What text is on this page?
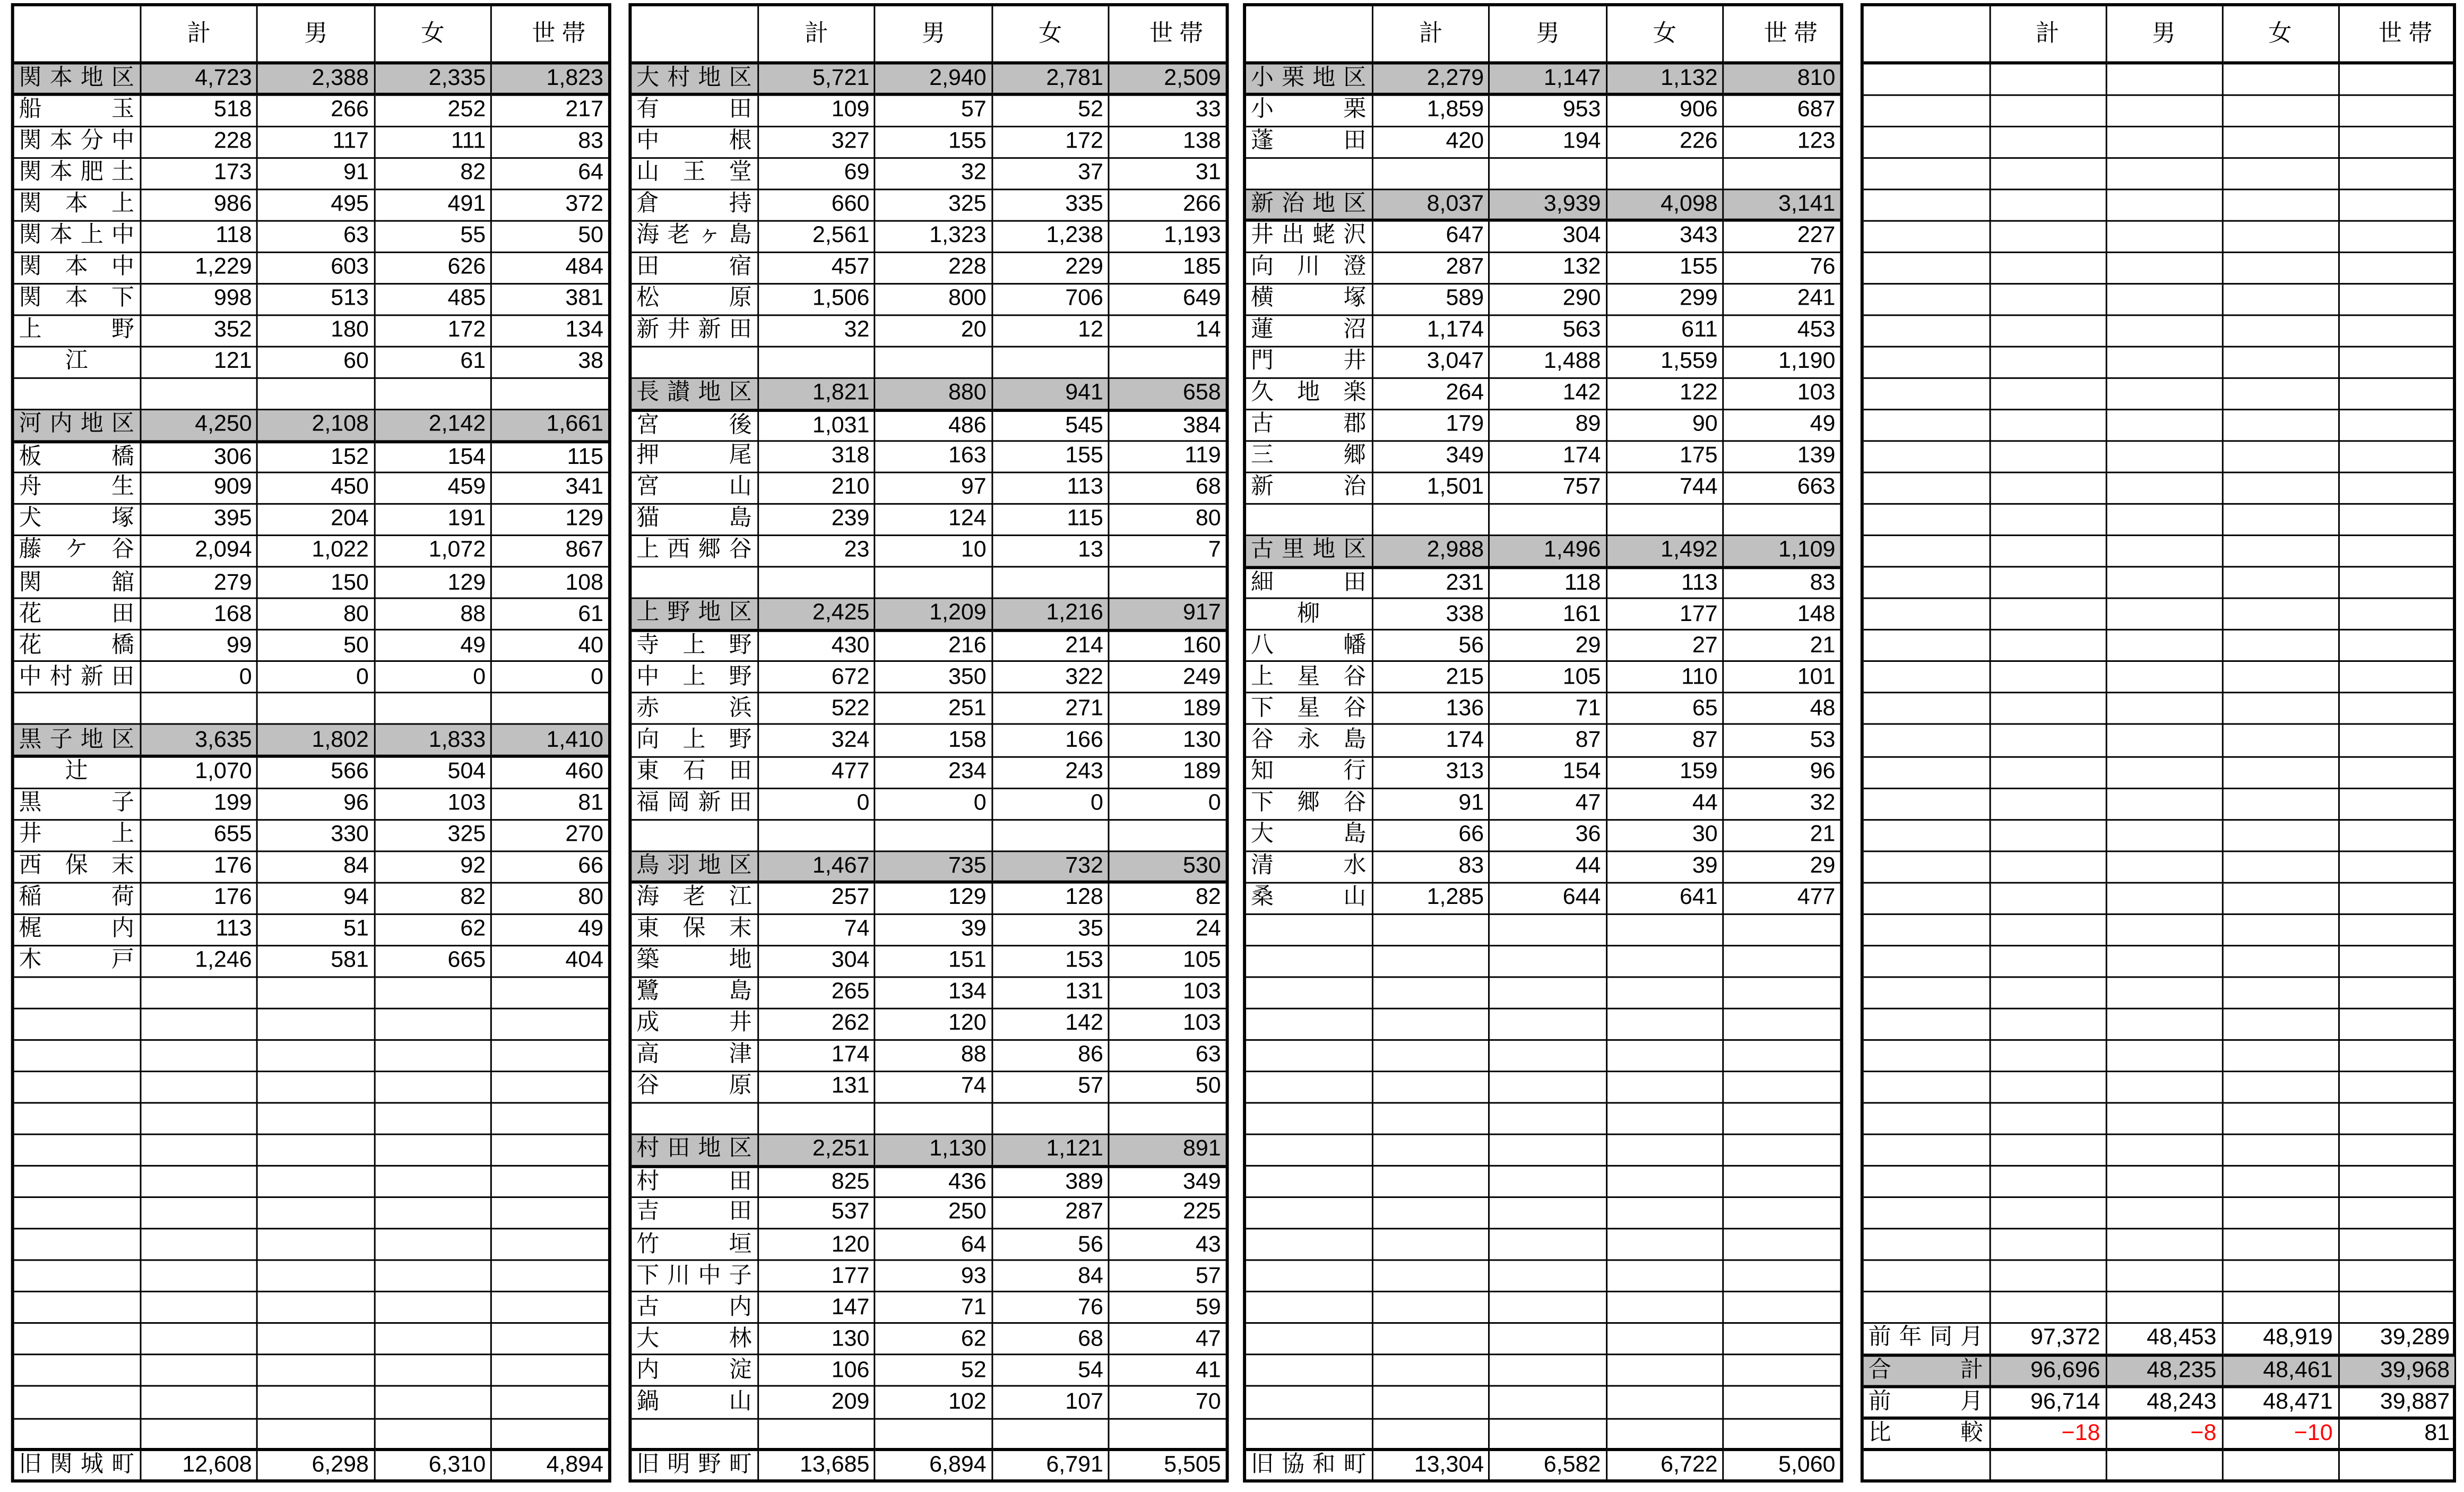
	計	男	女	世 帯
関本地区	4,723	2,388	2,335	1,823
船玉	518	266	252	217
関本分中	228	117	111	83
関本肥土	173	91	82	64
関本上	986	495	491	372
関本上中	118	63	55	50
関本中	1,229	603	626	484
関本下	998	513	485	381
上野	352	180	172	134
江	121	60	61	38

河内地区	4,250	2,108	2,142	1,661
板橋	306	152	154	115
舟生	909	450	459	341
犬塚	395	204	191	129
藤ケ谷	2,094	1,022	1,072	867
関舘	279	150	129	108
花田	168	80	88	61
花橋	99	50	49	40
中村新田	0	0	0	0

黒子地区	3,635	1,802	1,833	1,410
辻	1,070	566	504	460
黒子	199	96	103	81
井上	655	330	325	270
西保末	176	84	92	66
稲荷	176	94	82	80
梶内	113	51	62	49
木戸	1,246	581	665	404

旧関城町	12,608	6,298	6,310	4,894
	計	男	女	世 帯
大村地区	5,721	2,940	2,781	2,509
有田	109	57	52	33
中根	327	155	172	138
山王堂	69	32	37	31
倉持	660	325	335	266
海老ヶ島	2,561	1,323	1,238	1,193
田宿	457	228	229	185
松原	1,506	800	706	649
新井新田	32	20	12	14

長讃地区	1,821	880	941	658
宮後	1,031	486	545	384
押尾	318	163	155	119
宮山	210	97	113	68
猫島	239	124	115	80
上西郷谷	23	10	13	7

上野地区	2,425	1,209	1,216	917
寺上野	430	216	214	160
中上野	672	350	322	249
赤浜	522	251	271	189
向上野	324	158	166	130
東石田	477	234	243	189
福岡新田	0	0	0	0

鳥羽地区	1,467	735	732	530
海老江	257	129	128	82
東保末	74	39	35	24
築地	304	151	153	105
鷺島	265	134	131	103
成井	262	120	142	103
高津	174	88	86	63
谷原	131	74	57	50

村田地区	2,251	1,130	1,121	891
村田	825	436	389	349
吉田	537	250	287	225
竹垣	120	64	56	43
下川中子	177	93	84	57
古内	147	71	76	59
大林	130	62	68	47
内淀	106	52	54	41
鍋山	209	102	107	70

旧明野町	13,685	6,894	6,791	5,505
	計	男	女	世 帯
小栗地区	2,279	1,147	1,132	810
小栗	1,859	953	906	687
蓬田	420	194	226	123

新治地区	8,037	3,939	4,098	3,141
井出蛯沢	647	304	343	227
向川澄	287	132	155	76
横塚	589	290	299	241
蓮沼	1,174	563	611	453
門井	3,047	1,488	1,559	1,190
久地楽	264	142	122	103
古郡	179	89	90	49
三郷	349	174	175	139
新治	1,501	757	744	663

古里地区	2,988	1,496	1,492	1,109
細田	231	118	113	83
柳	338	161	177	148
八幡	56	29	27	21
上星谷	215	105	110	101
下星谷	136	71	65	48
谷永島	174	87	87	53
知行	313	154	159	96
下郷谷	91	47	44	32
大島	66	36	30	21
清水	83	44	39	29
桑山	1,285	644	641	477

旧協和町	13,304	6,582	6,722	5,060
	計	男	女	世 帯

前年同月	97,372	48,453	48,919	39,289
合計	96,696	48,235	48,461	39,968
前月	96,714	48,243	48,471	39,887
比較	−18	−8	−10	81
